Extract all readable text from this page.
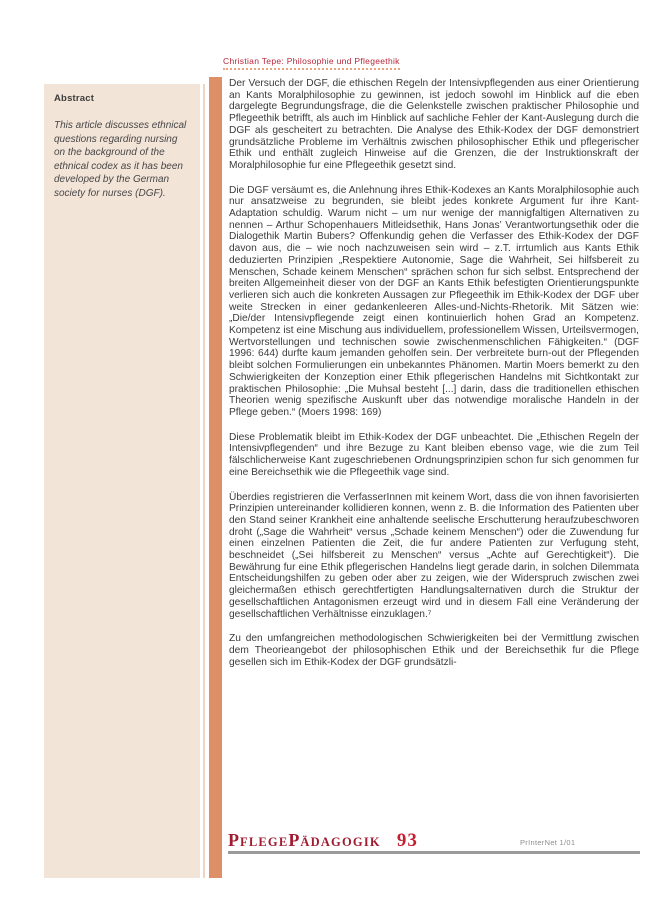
Christian Tepe: Philosophie und Pflegeethik
Abstract
This article discusses ethnical questions regarding nursing on the background of the ethnical codex as it has been developed by the German society for nurses (DGF).

Der Versuch der DGF, die ethischen Regeln der Intensivpflegenden aus einer Orientierung an Kants Moralphilosophie zu gewinnen, ist jedoch sowohl im Hinblick auf die eben dargelegte Begrundungsfrage, die die Gelenkstelle zwischen praktischer Philosophie und Pflegeethik betrifft, als auch im Hinblick auf sachliche Fehler der Kant-Auslegung durch die DGF als gescheitert zu betrachten. Die Analyse des Ethik-Kodex der DGF demonstriert grundsätzliche Probleme im Verhältnis zwischen philosophischer Ethik und pflegerischer Ethik und enthält zugleich Hinweise auf die Grenzen, die der Instruktionskraft der Moralphilosophie fur eine Pflegeethik gesetzt sind.

Die DGF versäumt es, die Anlehnung ihres Ethik-Kodexes an Kants Moralphilosophie auch nur ansatzweise zu begrunden, sie bleibt jedes konkrete Argument fur ihre Kant-Adaptation schuldig. Warum nicht – um nur wenige der mannigfaltigen Alternativen zu nennen – Arthur Schopenhauers Mitleidsethik, Hans Jonas’ Verantwortungsethik oder die Dialogethik Martin Bubers? Offenkundig gehen die Verfasser des Ethik-Kodex der DGF davon aus, die – wie noch nachzuweisen sein wird – z.T. irrtumlich aus Kants Ethik deduzierten Prinzipien „Respektiere Autonomie, Sage die Wahrheit, Sei hilfsbereit zu Menschen, Schade keinem Menschen“ sprächen schon fur sich selbst. Entsprechend der breiten Allgemeinheit dieser von der DGF an Kants Ethik befestigten Orientierungspunkte verlieren sich auch die konkreten Aussagen zur Pflegeethik im Ethik-Kodex der DGF uber weite Strecken in einer gedankenleeren Alles-und-Nichts-Rhetorik. Mit Sätzen wie: „Die/der Intensivpflegende zeigt einen kontinuierlich hohen Grad an Kompetenz. Kompetenz ist eine Mischung aus individuellem, professionellem Wissen, Urteilsvermogen, Wertvorstellungen und technischen sowie zwischenmenschlichen Fähigkeiten.“ (DGF 1996: 644) durfte kaum jemanden geholfen sein. Der verbreitete burn-out der Pflegenden bleibt solchen Formulierungen ein unbekanntes Phänomen. Martin Moers bemerkt zu den Schwierigkeiten der Konzeption einer Ethik pflegerischen Handelns mit Sichtkontakt zur praktischen Philosophie: „Die Muhsal besteht [...] darin, dass die traditionellen ethischen Theorien wenig spezifische Auskunft uber das notwendige moralische Handeln in der Pflege geben.“ (Moers 1998: 169)

Diese Problematik bleibt im Ethik-Kodex der DGF unbeachtet. Die „Ethischen Regeln der Intensivpflegenden“ und ihre Bezuge zu Kant bleiben ebenso vage, wie die zum Teil fälschlicherweise Kant zugeschriebenen Ordnungsprinzipien schon fur sich genommen fur eine Bereichsethik wie die Pflegeethik vage sind.

Überdies registrieren die VerfasserInnen mit keinem Wort, dass die von ihnen favorisierten Prinzipien untereinander kollidieren konnen, wenn z. B. die Information des Patienten uber den Stand seiner Krankheit eine anhaltende seelische Erschutterung heraufzubeschworen droht („Sage die Wahrheit“ versus „Schade keinem Menschen“) oder die Zuwendung fur einen einzelnen Patienten die Zeit, die fur andere Patienten zur Verfugung steht, beschneidet („Sei hilfsbereit zu Menschen“ versus „Achte auf Gerechtigkeit“). Die Bewährung fur eine Ethik pflegerischen Handelns liegt gerade darin, in solchen Dilemmata Entscheidungshilfen zu geben oder aber zu zeigen, wie der Widerspruch zwischen zwei gleichermaßen ethisch gerechtfertigten Handlungsalternativen durch die Struktur der gesellschaftlichen Antagonismen erzeugt wird und in diesem Fall eine Veränderung der gesellschaftlichen Verhältnisse einzuklagen.⁷

Zu den umfangreichen methodologischen Schwierigkeiten bei der Vermittlung zwischen dem Theorieangebot der philosophischen Ethik und der Bereichsethik fur die Pflege gesellen sich im Ethik-Kodex der DGF grundsätzli-

PFLEGEPÄDAGOGIK 93	PrInterNet 1/01
